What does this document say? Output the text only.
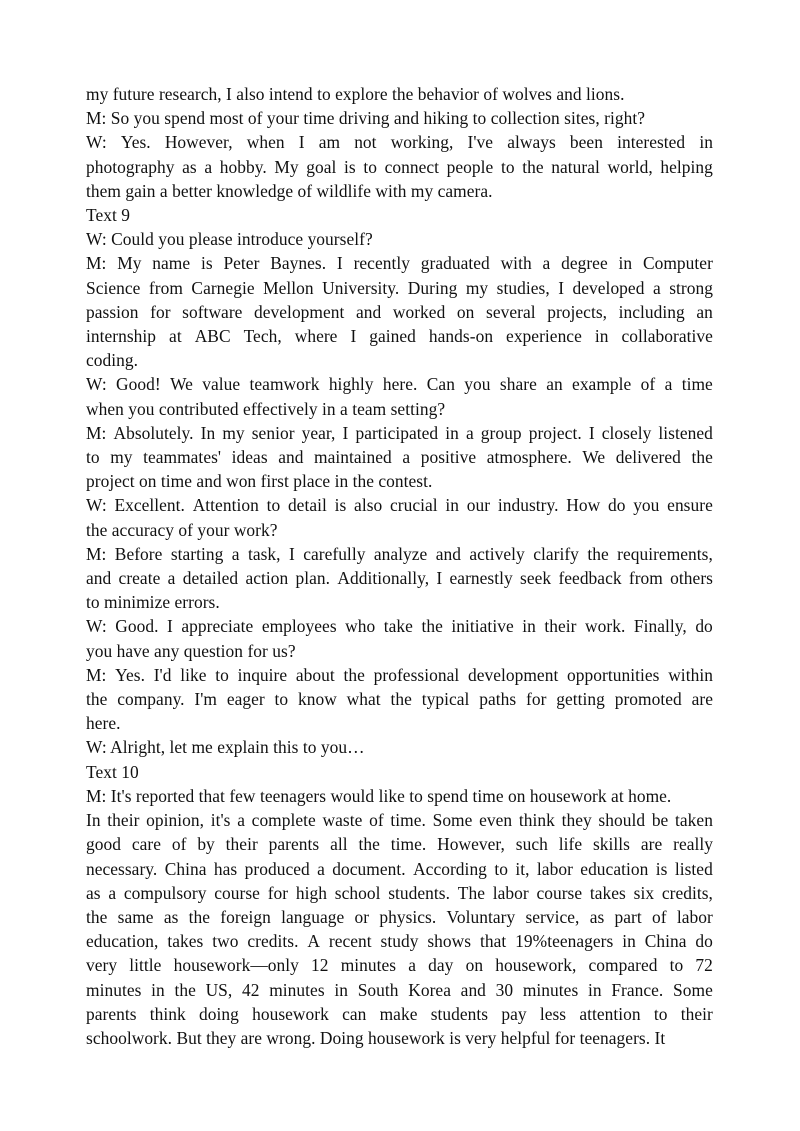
my future research, I also intend to explore the behavior of wolves and lions.
M: So you spend most of your time driving and hiking to collection sites, right?
W: Yes. However, when I am not working, I've always been interested in
photography as a hobby. My goal is to connect people to the natural world, helping
them gain a better knowledge of wildlife with my camera.
Text 9
W: Could you please introduce yourself?
M: My name is Peter Baynes. I recently graduated with a degree in Computer
Science from Carnegie Mellon University. During my studies, I developed a strong
passion for software development and worked on several projects, including an
internship at ABC Tech, where I gained hands-on experience in collaborative
coding.
W: Good! We value teamwork highly here. Can you share an example of a time
when you contributed effectively in a team setting?
M: Absolutely. In my senior year, I participated in a group project. I closely listened
to my teammates' ideas and maintained a positive atmosphere. We delivered the
project on time and won first place in the contest.
W: Excellent. Attention to detail is also crucial in our industry. How do you ensure
the accuracy of your work?
M: Before starting a task, I carefully analyze and actively clarify the requirements,
and create a detailed action plan. Additionally, I earnestly seek feedback from others
to minimize errors.
W: Good. I appreciate employees who take the initiative in their work. Finally, do
you have any question for us?
M: Yes. I'd like to inquire about the professional development opportunities within
the company. I'm eager to know what the typical paths for getting promoted are
here.
W: Alright, let me explain this to you…
Text 10
M: It's reported that few teenagers would like to spend time on housework at home.
In their opinion, it's a complete waste of time. Some even think they should be taken
good care of by their parents all the time. However, such life skills are really
necessary. China has produced a document. According to it, labor education is listed
as a compulsory course for high school students. The labor course takes six credits,
the same as the foreign language or physics. Voluntary service, as part of labor
education, takes two credits. A recent study shows that 19%teenagers in China do
very little housework—only 12 minutes a day on housework, compared to 72
minutes in the US, 42 minutes in South Korea and 30 minutes in France. Some
parents think doing housework can make students pay less attention to their
schoolwork. But they are wrong. Doing housework is very helpful for teenagers. It
